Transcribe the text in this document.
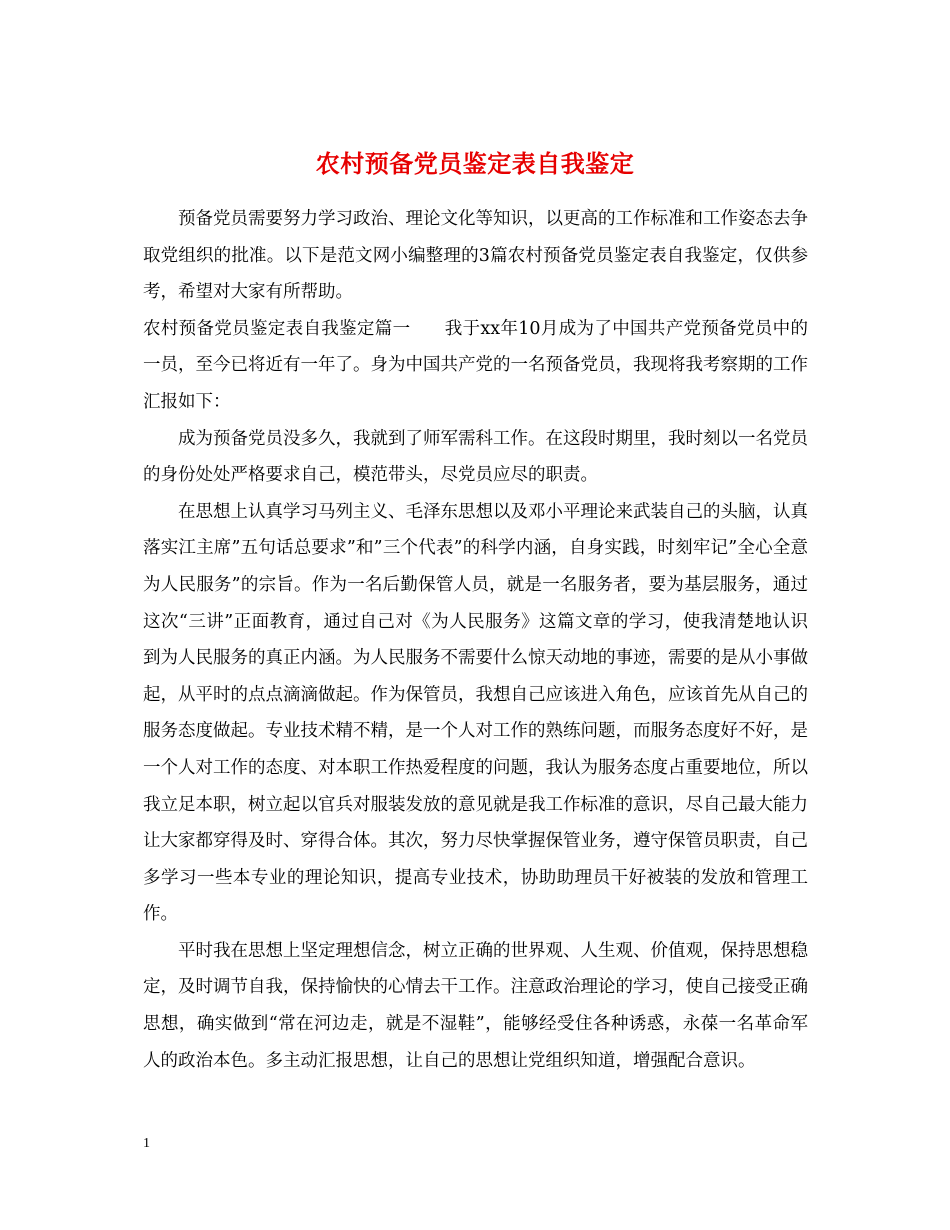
农村预备党员鉴定表自我鉴定

预备党员需要努力学习政治、理论文化等知识，以更高的工作标准和工作姿态去争取党组织的批准。以下是范文网小编整理的3篇农村预备党员鉴定表自我鉴定，仅供参考，希望对大家有所帮助。

农村预备党员鉴定表自我鉴定篇一 我于xx年10月成为了中国共产党预备党员中的一员，至今已将近有一年了。身为中国共产党的一名预备党员，我现将我考察期的工作汇报如下：

成为预备党员没多久，我就到了师军需科工作。在这段时期里，我时刻以一名党员的身份处处严格要求自己，模范带头，尽党员应尽的职责。

在思想上认真学习马列主义、毛泽东思想以及邓小平理论来武装自己的头脑，认真落实江主席”五句话总要求”和”三个代表”的科学内涵，自身实践，时刻牢记”全心全意为人民服务”的宗旨。作为一名后勤保管人员，就是一名服务者，要为基层服务，通过这次“三讲”正面教育，通过自己对《为人民服务》这篇文章的学习，使我清楚地认识到为人民服务的真正内涵。为人民服务不需要什么惊天动地的事迹，需要的是从小事做起，从平时的点点滴滴做起。作为保管员，我想自己应该进入角色，应该首先从自己的服务态度做起。专业技术精不精，是一个人对工作的熟练问题，而服务态度好不好，是一个人对工作的态度、对本职工作热爱程度的问题，我认为服务态度占重要地位，所以我立足本职，树立起以官兵对服装发放的意见就是我工作标准的意识，尽自己最大能力让大家都穿得及时、穿得合体。其次，努力尽快掌握保管业务，遵守保管员职责，自己多学习一些本专业的理论知识，提高专业技术，协助助理员干好被装的发放和管理工作。

平时我在思想上坚定理想信念，树立正确的世界观、人生观、价值观，保持思想稳定，及时调节自我，保持愉快的心情去干工作。注意政治理论的学习，使自己接受正确思想，确实做到“常在河边走，就是不湿鞋”，能够经受住各种诱惑，永葆一名革命军人的政治本色。多主动汇报思想，让自己的思想让党组织知道，增强配合意识。

1
